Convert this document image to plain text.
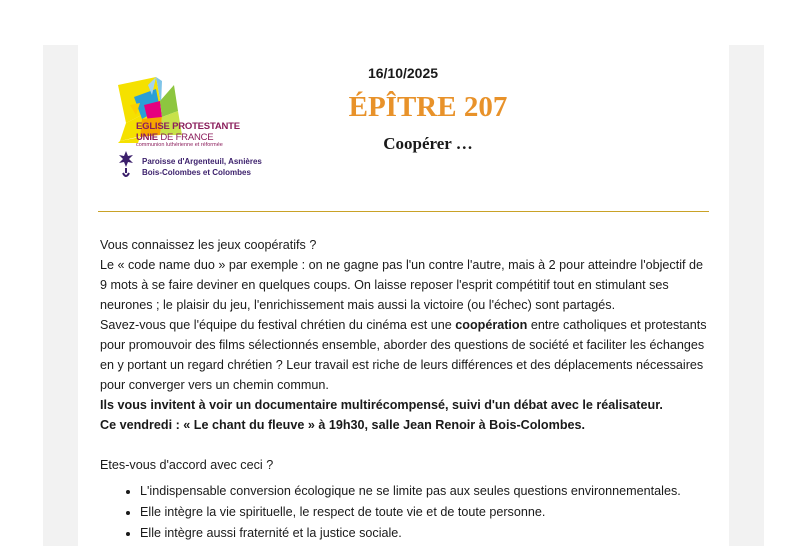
EGLISE PROTESTANTE
UNIE DE FRANCE
communion luthérienne et réformée
Paroisse d'Argenteuil, Asnières
Bois-Colombes et Colombes
16/10/2025
ÉPÎTRE 207
Coopérer …

Vous connaissez les jeux coopératifs ?

Le « code name duo » par exemple : on ne gagne pas l'un contre l'autre, mais à 2 pour atteindre l'objectif de 9 mots à se faire deviner en quelques coups. On laisse reposer l'esprit compétitif tout en stimulant ses neurones ; le plaisir du jeu, l'enrichissement mais aussi la victoire (ou l'échec) sont partagés.

Savez-vous que l'équipe du festival chrétien du cinéma est une coopération entre catholiques et protestants pour promouvoir des films sélectionnés ensemble, aborder des questions de société et faciliter les échanges en y portant un regard chrétien ? Leur travail est riche de leurs différences et des déplacements nécessaires pour converger vers un chemin commun.

Ils vous invitent à voir un documentaire multirécompensé, suivi d'un débat avec le réalisateur.

Ce vendredi : « Le chant du fleuve » à 19h30, salle Jean Renoir à Bois-Colombes.

Etes-vous d'accord avec ceci ?

• L'indispensable conversion écologique ne se limite pas aux seules questions environnementales.
• Elle intègre la vie spirituelle, le respect de toute vie et de toute personne.
• Elle intègre aussi fraternité et la justice sociale.
